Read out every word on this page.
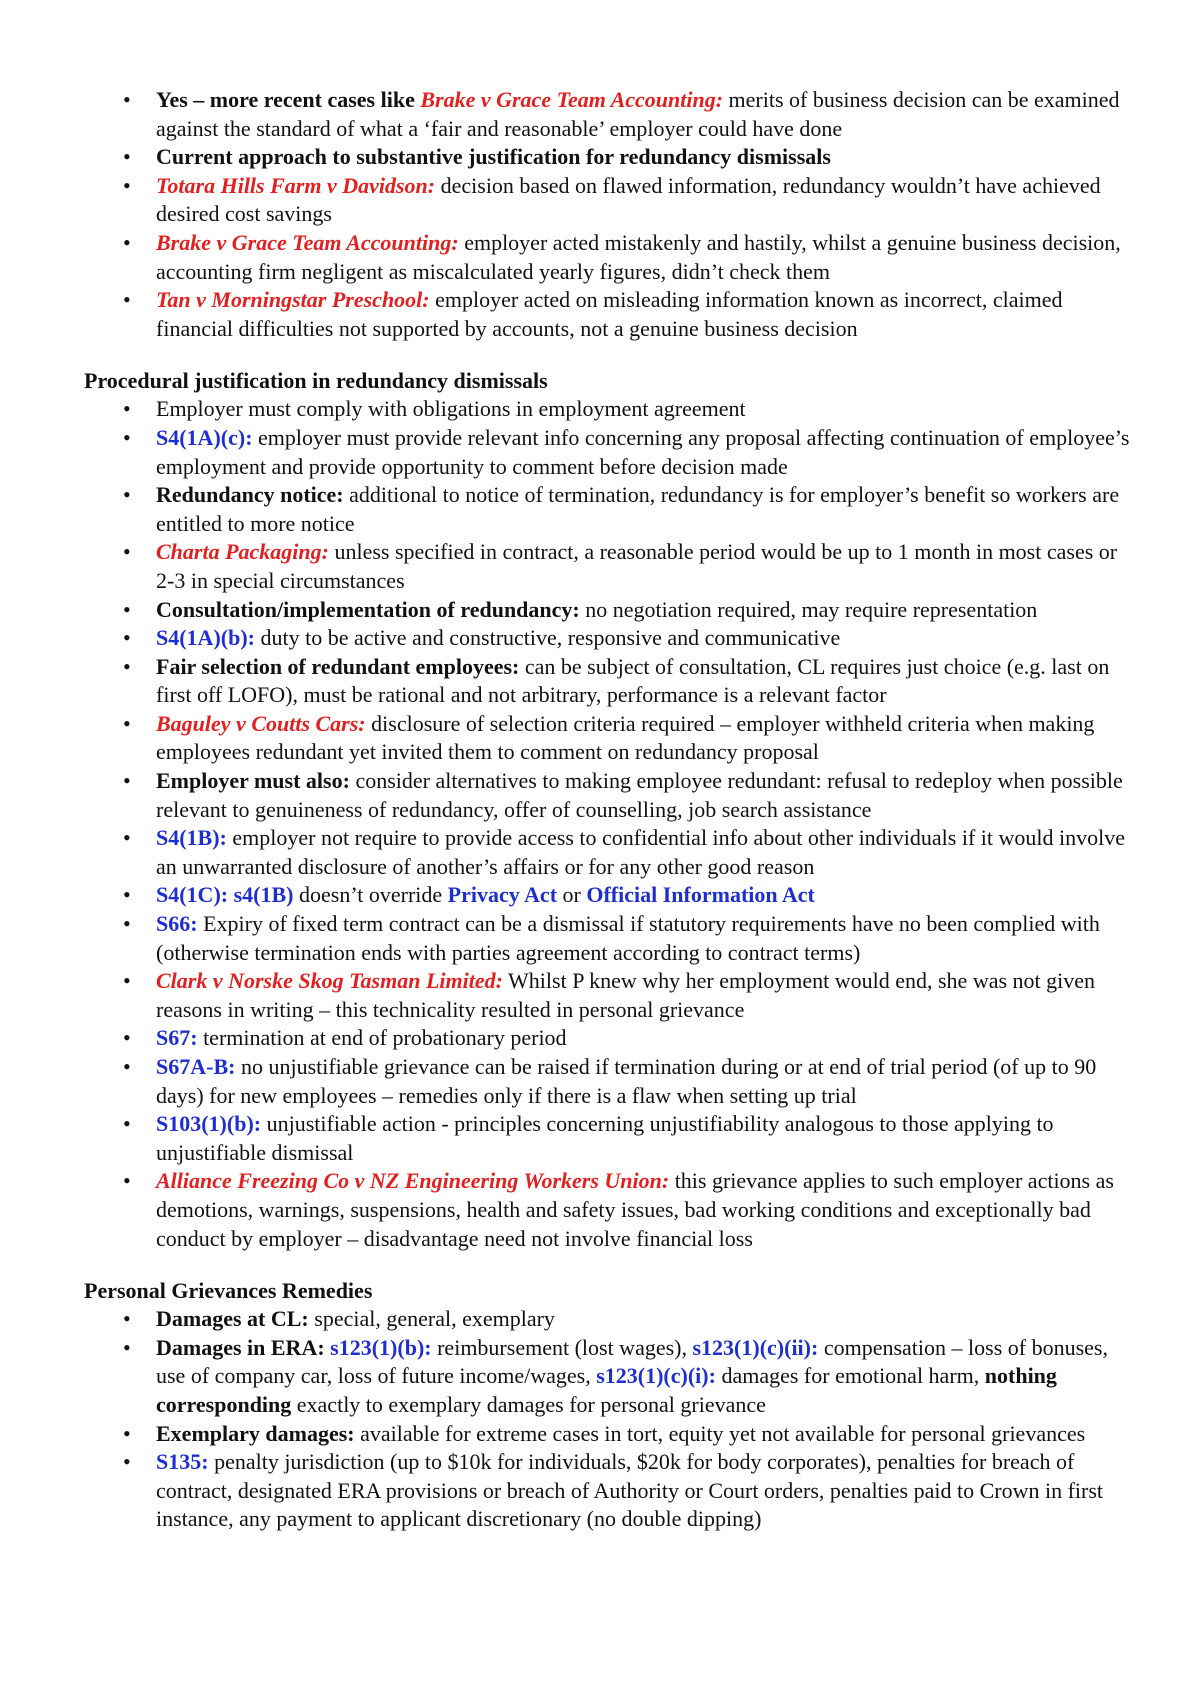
• Yes – more recent cases like Brake v Grace Team Accounting: merits of business decision can be examined against the standard of what a ‘fair and reasonable’ employer could have done
• Current approach to substantive justification for redundancy dismissals
• Totara Hills Farm v Davidson: decision based on flawed information, redundancy wouldn’t have achieved desired cost savings
• Brake v Grace Team Accounting: employer acted mistakenly and hastily, whilst a genuine business decision, accounting firm negligent as miscalculated yearly figures, didn’t check them
• Tan v Morningstar Preschool: employer acted on misleading information known as incorrect, claimed financial difficulties not supported by accounts, not a genuine business decision

Procedural justification in redundancy dismissals

• Employer must comply with obligations in employment agreement
• S4(1A)(c): employer must provide relevant info concerning any proposal affecting continuation of employee’s employment and provide opportunity to comment before decision made
• Redundancy notice: additional to notice of termination, redundancy is for employer’s benefit so workers are entitled to more notice
• Charta Packaging: unless specified in contract, a reasonable period would be up to 1 month in most cases or 2-3 in special circumstances
• Consultation/implementation of redundancy: no negotiation required, may require representation
• S4(1A)(b): duty to be active and constructive, responsive and communicative
• Fair selection of redundant employees: can be subject of consultation, CL requires just choice (e.g. last on first off LOFO), must be rational and not arbitrary, performance is a relevant factor
• Baguley v Coutts Cars: disclosure of selection criteria required – employer withheld criteria when making employees redundant yet invited them to comment on redundancy proposal
• Employer must also: consider alternatives to making employee redundant: refusal to redeploy when possible relevant to genuineness of redundancy, offer of counselling, job search assistance
• S4(1B): employer not require to provide access to confidential info about other individuals if it would involve an unwarranted disclosure of another’s affairs or for any other good reason
• S4(1C): s4(1B) doesn’t override Privacy Act or Official Information Act
• S66: Expiry of fixed term contract can be a dismissal if statutory requirements have no been complied with (otherwise termination ends with parties agreement according to contract terms)
• Clark v Norske Skog Tasman Limited: Whilst P knew why her employment would end, she was not given reasons in writing – this technicality resulted in personal grievance
• S67: termination at end of probationary period
• S67A-B: no unjustifiable grievance can be raised if termination during or at end of trial period (of up to 90 days) for new employees – remedies only if there is a flaw when setting up trial
• S103(1)(b): unjustifiable action - principles concerning unjustifiability analogous to those applying to unjustifiable dismissal
• Alliance Freezing Co v NZ Engineering Workers Union: this grievance applies to such employer actions as demotions, warnings, suspensions, health and safety issues, bad working conditions and exceptionally bad conduct by employer – disadvantage need not involve financial loss

Personal Grievances Remedies

• Damages at CL: special, general, exemplary
• Damages in ERA: s123(1)(b): reimbursement (lost wages), s123(1)(c)(ii): compensation – loss of bonuses, use of company car, loss of future income/wages, s123(1)(c)(i): damages for emotional harm, nothing corresponding exactly to exemplary damages for personal grievance
• Exemplary damages: available for extreme cases in tort, equity yet not available for personal grievances
• S135: penalty jurisdiction (up to $10k for individuals, $20k for body corporates), penalties for breach of contract, designated ERA provisions or breach of Authority or Court orders, penalties paid to Crown in first instance, any payment to applicant discretionary (no double dipping)
